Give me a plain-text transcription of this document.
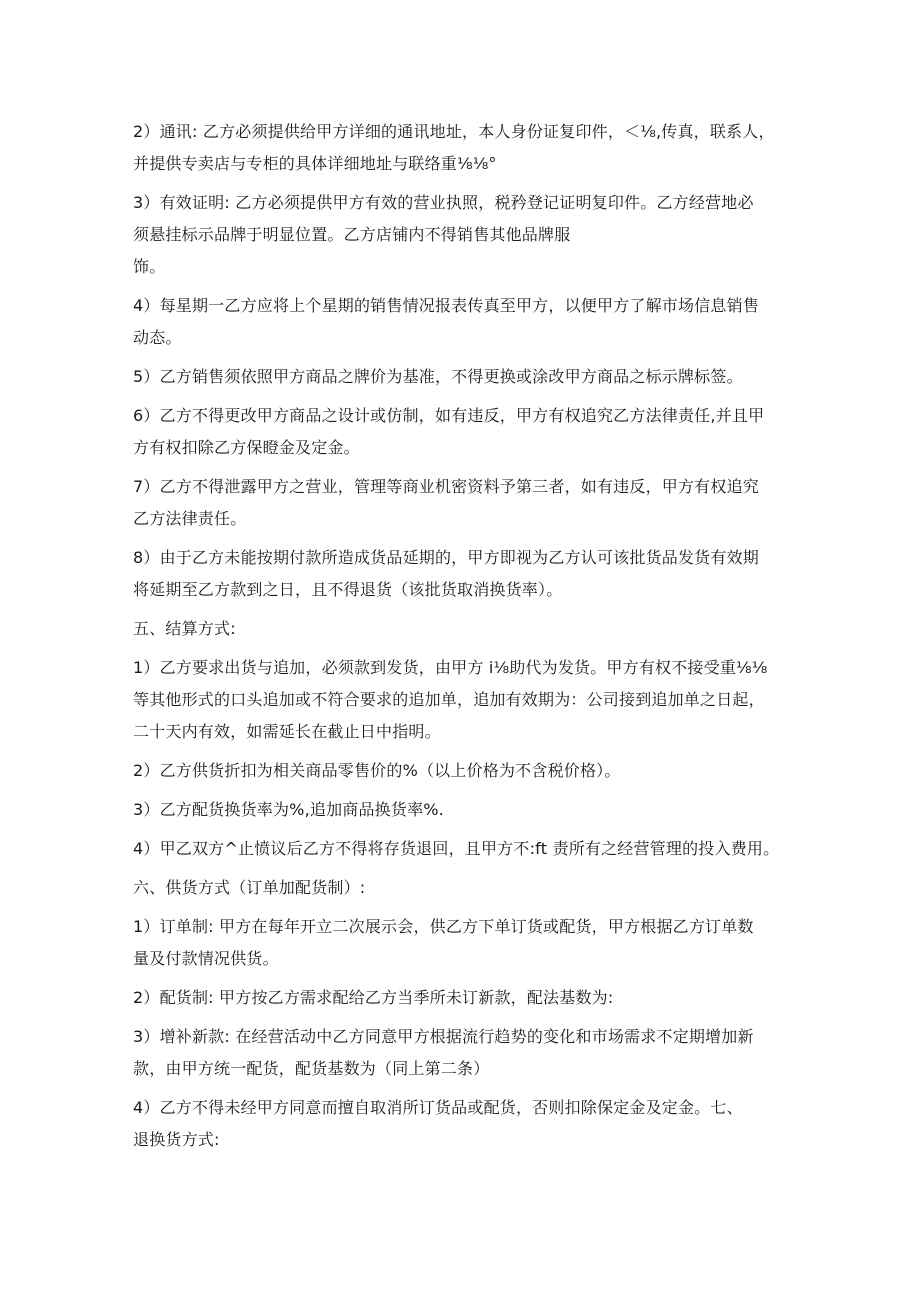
2）通讯: 乙方必须提供给甲方详细的通讯地址，本人身份证复印件，＜⅛,传真，联系人，
并提供专卖店与专柜的具体详细地址与联络重⅛⅛°
3）有效证明: 乙方必须提供甲方有效的营业执照，税矜登记证明复印件。乙方经营地必
须悬挂标示品牌于明显位置。乙方店铺内不得销售其他品牌服
饰。
4）每星期一乙方应将上个星期的销售情况报表传真至甲方，以便甲方了解市场信息销售
动态。
5）乙方销售须依照甲方商品之牌价为基准，不得更换或涂改甲方商品之标示牌标签。
6）乙方不得更改甲方商品之设计或仿制，如有违反，甲方有权追究乙方法律责任,并且甲
方有权扣除乙方保瞪金及定金。
7）乙方不得泄露甲方之营业，管理等商业机密资料予第三者，如有违反，甲方有权追究
乙方法律责任。
8）由于乙方未能按期付款所造成货品延期的，甲方即视为乙方认可该批货品发货有效期
将延期至乙方款到之日，且不得退货（该批货取消换货率）。
五、结算方式:
1）乙方要求出货与追加，必须款到发货，由甲方 i⅛助代为发货。甲方有权不接受重⅛⅛
等其他形式的口头追加或不符合要求的追加单，追加有效期为：公司接到追加单之日起，
二十天内有效，如需延长在截止日中指明。
2）乙方供货折扣为相关商品零售价的%（以上价格为不含税价格）。
3）乙方配货换货率为%,追加商品换货率%.
4）甲乙双方^止愤议后乙方不得将存货退回，且甲方不:ft 责所有之经营管理的投入费用。
六、供货方式（订单加配货制）:
1）订单制: 甲方在每年开立二次展示会，供乙方下单订货或配货，甲方根据乙方订单数
量及付款情况供货。
2）配货制: 甲方按乙方需求配给乙方当季所未订新款，配法基数为:
3）增补新款: 在经营活动中乙方同意甲方根据流行趋势的变化和市场需求不定期增加新
款，由甲方统一配货，配货基数为（同上第二条）
4）乙方不得未经甲方同意而擅自取消所订货品或配货，否则扣除保定金及定金。七、
退换货方式:
